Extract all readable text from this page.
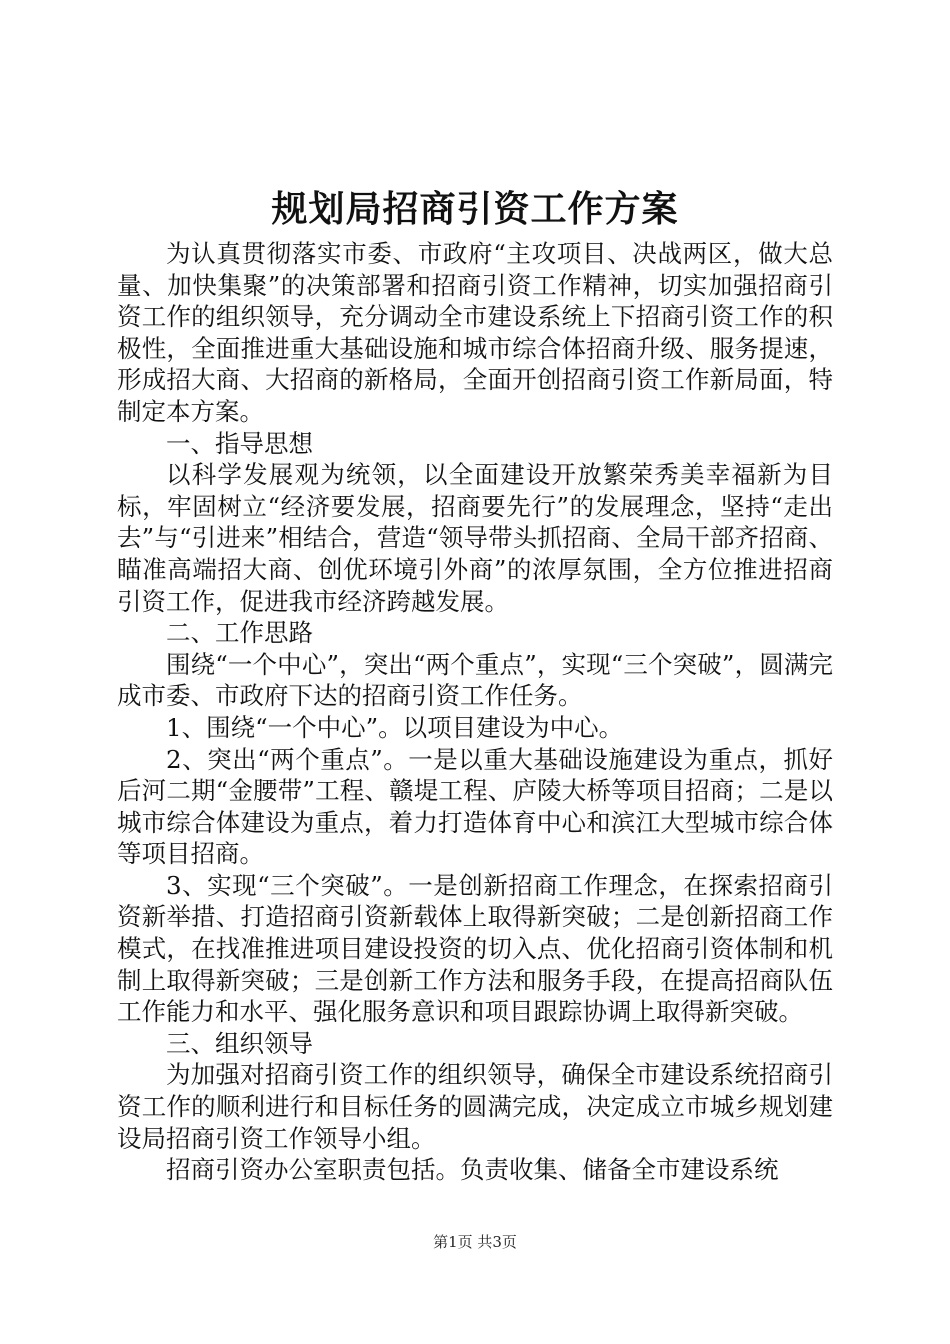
规划局招商引资工作方案

为认真贯彻落实市委、市政府“主攻项目、决战两区，做大总量、加快集聚”的决策部署和招商引资工作精神，切实加强招商引资工作的组织领导，充分调动全市建设系统上下招商引资工作的积极性，全面推进重大基础设施和城市综合体招商升级、服务提速，形成招大商、大招商的新格局，全面开创招商引资工作新局面，特制定本方案。

一、指导思想

以科学发展观为统领，以全面建设开放繁荣秀美幸福新为目标，牢固树立“经济要发展，招商要先行”的发展理念，坚持“走出去”与“引进来”相结合，营造“领导带头抓招商、全局干部齐招商、瞄准高端招大商、创优环境引外商”的浓厚氛围，全方位推进招商引资工作，促进我市经济跨越发展。

二、工作思路

围绕“一个中心”，突出“两个重点”，实现“三个突破”，圆满完成市委、市政府下达的招商引资工作任务。

1、围绕“一个中心”。以项目建设为中心。

2、突出“两个重点”。一是以重大基础设施建设为重点，抓好后河二期“金腰带”工程、赣堤工程、庐陵大桥等项目招商；二是以城市综合体建设为重点，着力打造体育中心和滨江大型城市综合体等项目招商。

3、实现“三个突破”。一是创新招商工作理念，在探索招商引资新举措、打造招商引资新载体上取得新突破；二是创新招商工作模式，在找准推进项目建设投资的切入点、优化招商引资体制和机制上取得新突破；三是创新工作方法和服务手段，在提高招商队伍工作能力和水平、强化服务意识和项目跟踪协调上取得新突破。

三、组织领导

为加强对招商引资工作的组织领导，确保全市建设系统招商引资工作的顺利进行和目标任务的圆满完成，决定成立市城乡规划建设局招商引资工作领导小组。

招商引资办公室职责包括。负责收集、储备全市建设系统

第1页 共3页
